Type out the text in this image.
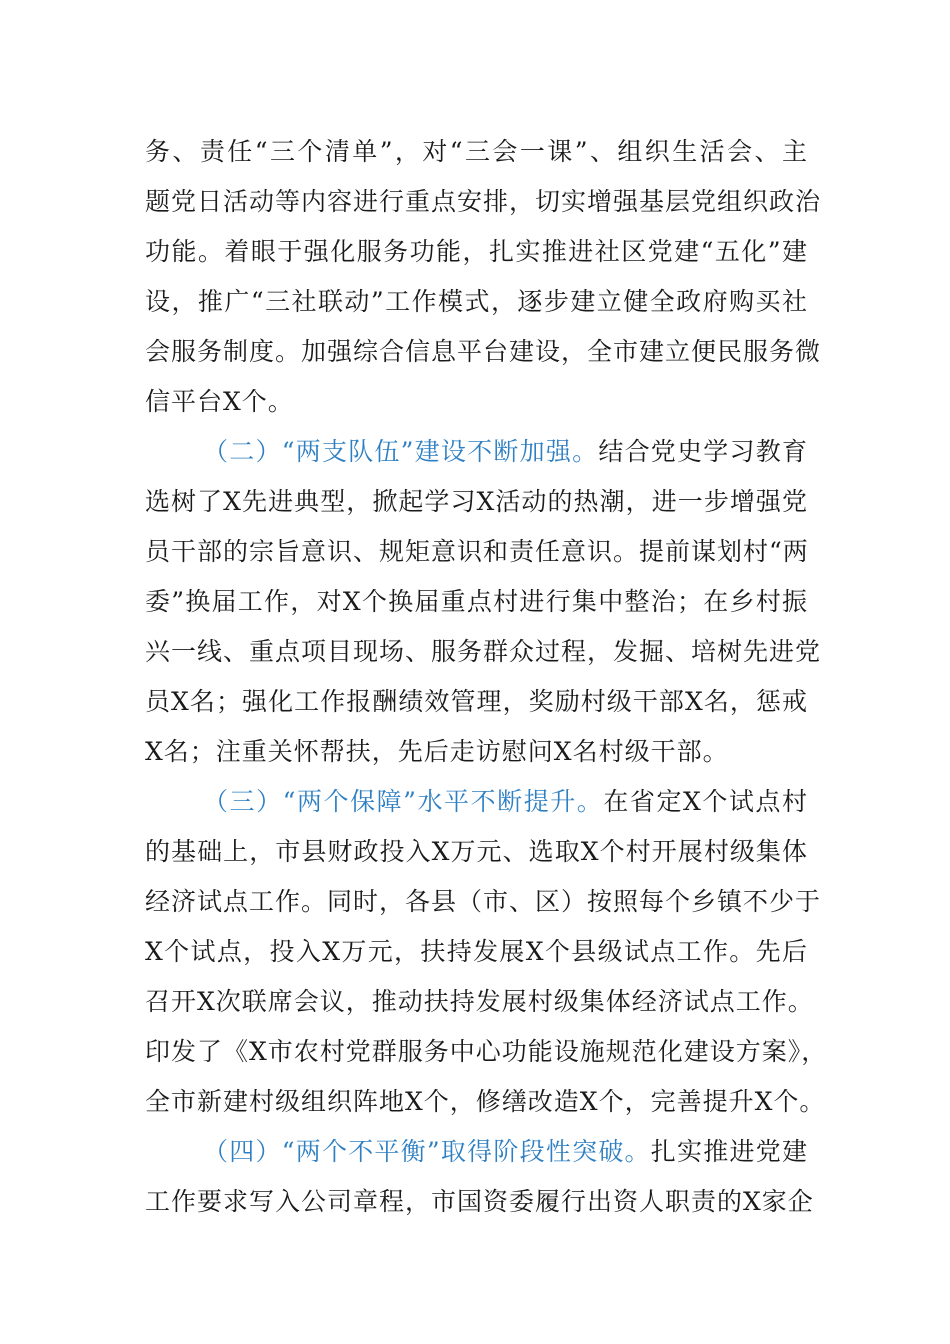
务、责任“三个清单”，对“三会一课”、组织生活会、主
题党日活动等内容进行重点安排，切实增强基层党组织政治
功能。着眼于强化服务功能，扎实推进社区党建“五化”建
设，推广“三社联动”工作模式，逐步建立健全政府购买社
会服务制度。加强综合信息平台建设，全市建立便民服务微
信平台X个。
（二）“两支队伍”建设不断加强。结合党史学习教育
选树了X先进典型，掀起学习X活动的热潮，进一步增强党
员干部的宗旨意识、规矩意识和责任意识。提前谋划村“两
委”换届工作，对X个换届重点村进行集中整治；在乡村振
兴一线、重点项目现场、服务群众过程，发掘、培树先进党
员X名；强化工作报酬绩效管理，奖励村级干部X名，惩戒
X名；注重关怀帮扶，先后走访慰问X名村级干部。
（三）“两个保障”水平不断提升。在省定X个试点村
的基础上，市县财政投入X万元、选取X个村开展村级集体
经济试点工作。同时，各县（市、区）按照每个乡镇不少于
X个试点，投入X万元，扶持发展X个县级试点工作。先后
召开X次联席会议，推动扶持发展村级集体经济试点工作。
印发了《X市农村党群服务中心功能设施规范化建设方案》，
全市新建村级组织阵地X个，修缮改造X个，完善提升X个。
（四）“两个不平衡”取得阶段性突破。扎实推进党建
工作要求写入公司章程，市国资委履行出资人职责的X家企
